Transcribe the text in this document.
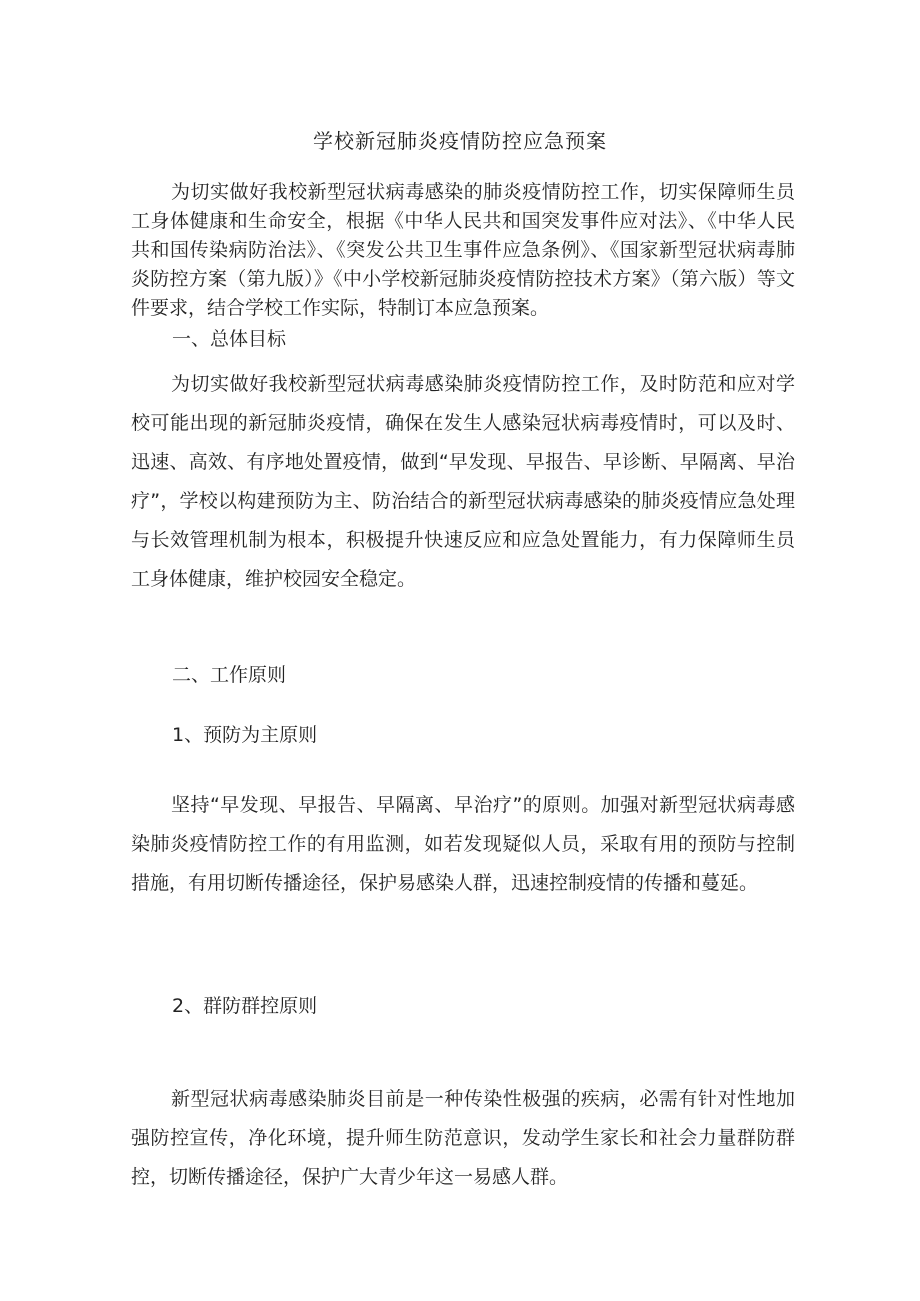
学校新冠肺炎疫情防控应急预案

为切实做好我校新型冠状病毒感染的肺炎疫情防控工作，切实保障师生员工身体健康和生命安全，根据《中华人民共和国突发事件应对法》、《中华人民共和国传染病防治法》、《突发公共卫生事件应急条例》、《国家新型冠状病毒肺炎防控方案（第九版）》《中小学校新冠肺炎疫情防控技术方案》（第六版）等文件要求，结合学校工作实际，特制订本应急预案。

一、总体目标

为切实做好我校新型冠状病毒感染肺炎疫情防控工作，及时防范和应对学校可能出现的新冠肺炎疫情，确保在发生人感染冠状病毒疫情时，可以及时、迅速、高效、有序地处置疫情，做到“早发现、早报告、早诊断、早隔离、早治疗”，学校以构建预防为主、防治结合的新型冠状病毒感染的肺炎疫情应急处理与长效管理机制为根本，积极提升快速反应和应急处置能力，有力保障师生员工身体健康，维护校园安全稳定。

二、工作原则
1、预防为主原则

坚持“早发现、早报告、早隔离、早治疗”的原则。加强对新型冠状病毒感染肺炎疫情防控工作的有用监测，如若发现疑似人员，采取有用的预防与控制措施，有用切断传播途径，保护易感染人群，迅速控制疫情的传播和蔓延。

2、群防群控原则

新型冠状病毒感染肺炎目前是一种传染性极强的疾病，必需有针对性地加强防控宣传，净化环境，提升师生防范意识，发动学生家长和社会力量群防群控，切断传播途径，保护广大青少年这一易感人群。
